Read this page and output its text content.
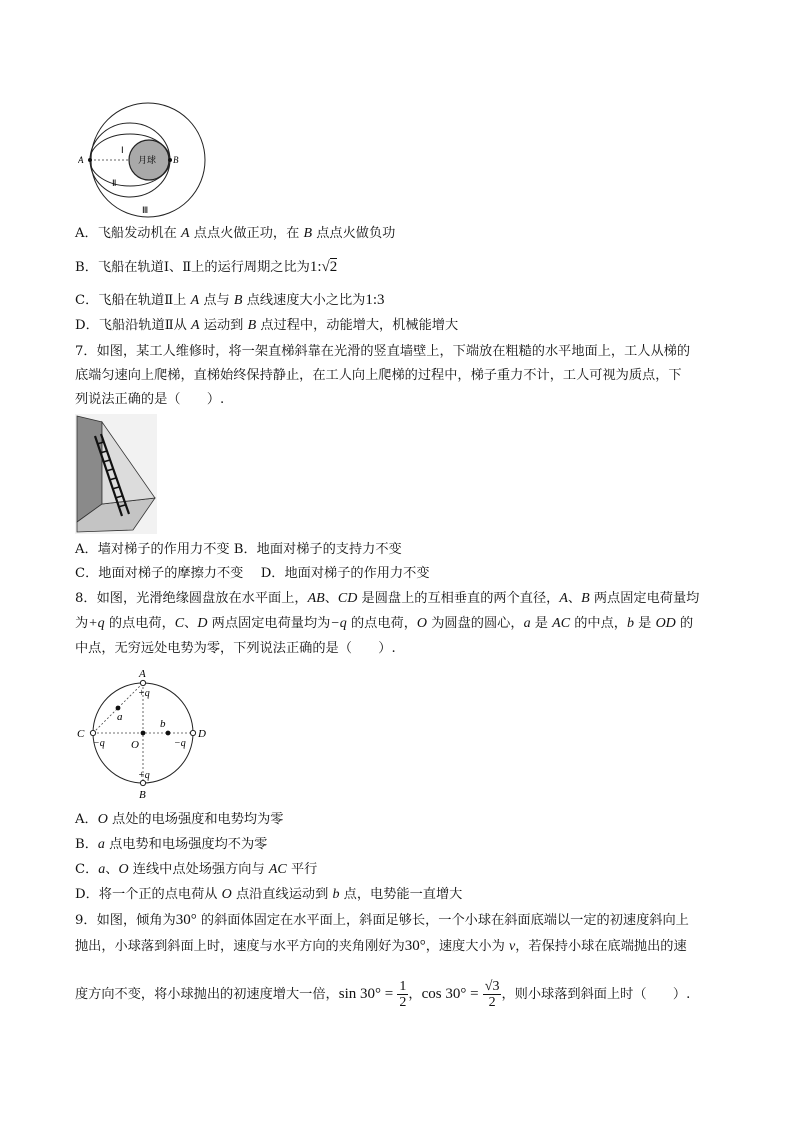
A	B
Ⅰ
Ⅱ
Ⅲ
月球
A．飞船发动机在 A 点点火做正功，在 B 点点火做负功
B．飞船在轨道Ⅰ、Ⅱ上的运行周期之比为1:√2
C．飞船在轨道Ⅱ上 A 点与 B 点线速度大小之比为1:3
D．飞船沿轨道Ⅱ从 A 运动到 B 点过程中，动能增大，机械能增大
7．如图，某工人维修时，将一架直梯斜靠在光滑的竖直墙壁上，下端放在粗糙的水平地面上，工人从梯的
底端匀速向上爬梯，直梯始终保持静止，在工人向上爬梯的过程中，梯子重力不计，工人可视为质点，下
列说法正确的是（　　）.
A．墙对梯子的作用力不变 B．地面对梯子的支持力不变
C．地面对梯子的摩擦力不变　 D．地面对梯子的作用力不变
8．如图，光滑绝缘圆盘放在水平面上，AB、CD 是圆盘上的互相垂直的两个直径，A、B 两点固定电荷量均
为+q 的点电荷，C、D 两点固定电荷量均为−q 的点电荷，O 为圆盘的圆心，a 是 AC 的中点，b 是 OD 的
中点，无穷远处电势为零，下列说法正确的是（　　）.
A
B
C	D
O
a
b
+q
+q
−q	−q
A．O 点处的电场强度和电势均为零
B．a 点电势和电场强度均不为零
C．a、O 连线中点处场强方向与 AC 平行
D．将一个正的点电荷从 O 点沿直线运动到 b 点，电势能一直增大
9．如图，倾角为30° 的斜面体固定在水平面上，斜面足够长，一个小球在斜面底端以一定的初速度斜向上
抛出，小球落到斜面上时，速度与水平方向的夹角刚好为30°，速度大小为 v，若保持小球在底端抛出的速
度方向不变，将小球抛出的初速度增大一倍，$\sin 30^\circ = \frac{1}{2}$ ，$\cos 30^\circ = \frac{√3}{2}$ ，则小球落到斜面上时（　　）.
